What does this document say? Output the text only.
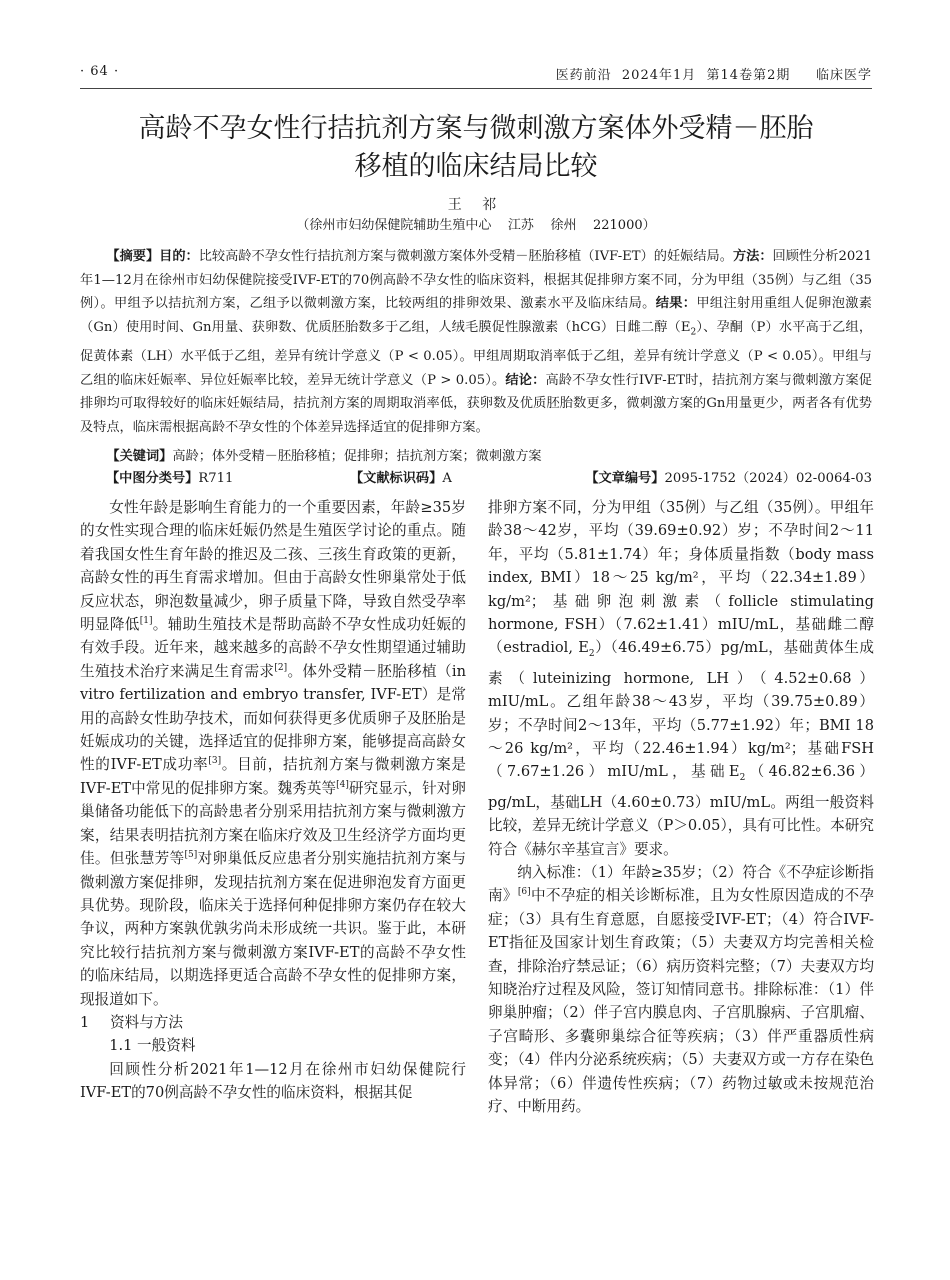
· 64 ·	医药前沿  2024年1月  第14卷第2期     临床医学
高龄不孕女性行拮抗剂方案与微刺激方案体外受精－胚胎
移植的临床结局比较
王 祁
（徐州市妇幼保健院辅助生殖中心    江苏    徐州    221000）

【摘要】目的：比较高龄不孕女性行拮抗剂方案与微刺激方案体外受精－胚胎移植（IVF-ET）的妊娠结局。方法：回顾性分析2021年1—12月在徐州市妇幼保健院接受IVF-ET的70例高龄不孕女性的临床资料，根据其促排卵方案不同，分为甲组（35例）与乙组（35例）。甲组予以拮抗剂方案，乙组予以微刺激方案，比较两组的排卵效果、激素水平及临床结局。结果：甲组注射用重组人促卵泡激素（Gn）使用时间、Gn用量、获卵数、优质胚胎数多于乙组，人绒毛膜促性腺激素（hCG）日雌二醇$(E_2)$、孕酮（P）水平高于乙组，促黄体素（LH）水平低于乙组，差异有统计学意义（P < 0.05）。甲组周期取消率低于乙组，差异有统计学意义（P < 0.05）。甲组与乙组的临床妊娠率、异位妊娠率比较，差异无统计学意义（P > 0.05）。结论：高龄不孕女性行IVF-ET时，拮抗剂方案与微刺激方案促排卵均可取得较好的临床妊娠结局，拮抗剂方案的周期取消率低，获卵数及优质胚胎数更多，微刺激方案的Gn用量更少，两者各有优势及特点，临床需根据高龄不孕女性的个体差异选择适宜的促排卵方案。

【关键词】高龄；体外受精－胚胎移植；促排卵；拮抗剂方案；微刺激方案
【中图分类号】R711	【文献标识码】A	【文章编号】2095-1752（2024）02-0064-03

女性年龄是影响生育能力的一个重要因素，年龄≥35岁的女性实现合理的临床妊娠仍然是生殖医学讨论的重点。随着我国女性生育年龄的推迟及二孩、三孩生育政策的更新，高龄女性的再生育需求增加。但由于高龄女性卵巢常处于低反应状态，卵泡数量减少，卵子质量下降，导致自然受孕率明显降低[1]。辅助生殖技术是帮助高龄不孕女性成功妊娠的有效手段。近年来，越来越多的高龄不孕女性期望通过辅助生殖技术治疗来满足生育需求[2]。体外受精－胚胎移植（in vitro fertilization and embryo transfer, IVF-ET）是常用的高龄女性助孕技术，而如何获得更多优质卵子及胚胎是妊娠成功的关键，选择适宜的促排卵方案，能够提高高龄女性的IVF-ET成功率[3]。目前，拮抗剂方案与微刺激方案是IVF-ET中常见的促排卵方案。魏秀英等[4]研究显示，针对卵巢储备功能低下的高龄患者分别采用拮抗剂方案与微刺激方案，结果表明拮抗剂方案在临床疗效及卫生经济学方面均更佳。但张慧芳等[5]对卵巢低反应患者分别实施拮抗剂方案与微刺激方案促排卵，发现拮抗剂方案在促进卵泡发育方面更具优势。现阶段，临床关于选择何种促排卵方案仍存在较大争议，两种方案孰优孰劣尚未形成统一共识。鉴于此，本研究比较行拮抗剂方案与微刺激方案IVF-ET的高龄不孕女性的临床结局，以期选择更适合高龄不孕女性的促排卵方案，现报道如下。

1 资料与方法
1.1 一般资料

回顾性分析2021年1—12月在徐州市妇幼保健院行IVF-ET的70例高龄不孕女性的临床资料，根据其促

排卵方案不同，分为甲组（35例）与乙组（35例）。甲组年龄38～42岁，平均（39.69±0.92）岁；不孕时间2～11年，平均（5.81±1.74）年；身体质量指数（body mass index, BMI）18～25 kg/m²，平均（22.34±1.89）kg/m²；基础卵泡刺激素（follicle stimulating hormone, FSH）（7.62±1.41）mIU/mL，基础雌二醇（estradiol, $E_2)(46.49\pm 6.75)pg/mL$，基础黄体生成素（luteinizing hormone, LH）（4.52±0.68）mIU/mL。乙组年龄38～43岁，平均（39.75±0.89）岁；不孕时间2～13年，平均（5.77±1.92）年；BMI 18～26 kg/m²，平均（22.46±1.94）kg/m²；基础FSH（7.67±1.26）mIU/mL，基础$E_2(46.82\pm 6.36)pg/mL$，基础LH（4.60±0.73）mIU/mL。两组一般资料比较，差异无统计学意义（P＞0.05），具有可比性。本研究符合《赫尔辛基宣言》要求。

纳入标准：（1）年龄≥35岁；（2）符合《不孕症诊断指南》[6]中不孕症的相关诊断标准，且为女性原因造成的不孕症；（3）具有生育意愿，自愿接受IVF-ET；（4）符合IVF-ET指征及国家计划生育政策；（5）夫妻双方均完善相关检查，排除治疗禁忌证；（6）病历资料完整；（7）夫妻双方均知晓治疗过程及风险，签订知情同意书。排除标准：（1）伴卵巢肿瘤；（2）伴子宫内膜息肉、子宫肌腺病、子宫肌瘤、子宫畸形、多囊卵巢综合征等疾病；（3）伴严重器质性病变；（4）伴内分泌系统疾病；（5）夫妻双方或一方存在染色体异常；（6）伴遗传性疾病；（7）药物过敏或未按规范治疗、中断用药。
